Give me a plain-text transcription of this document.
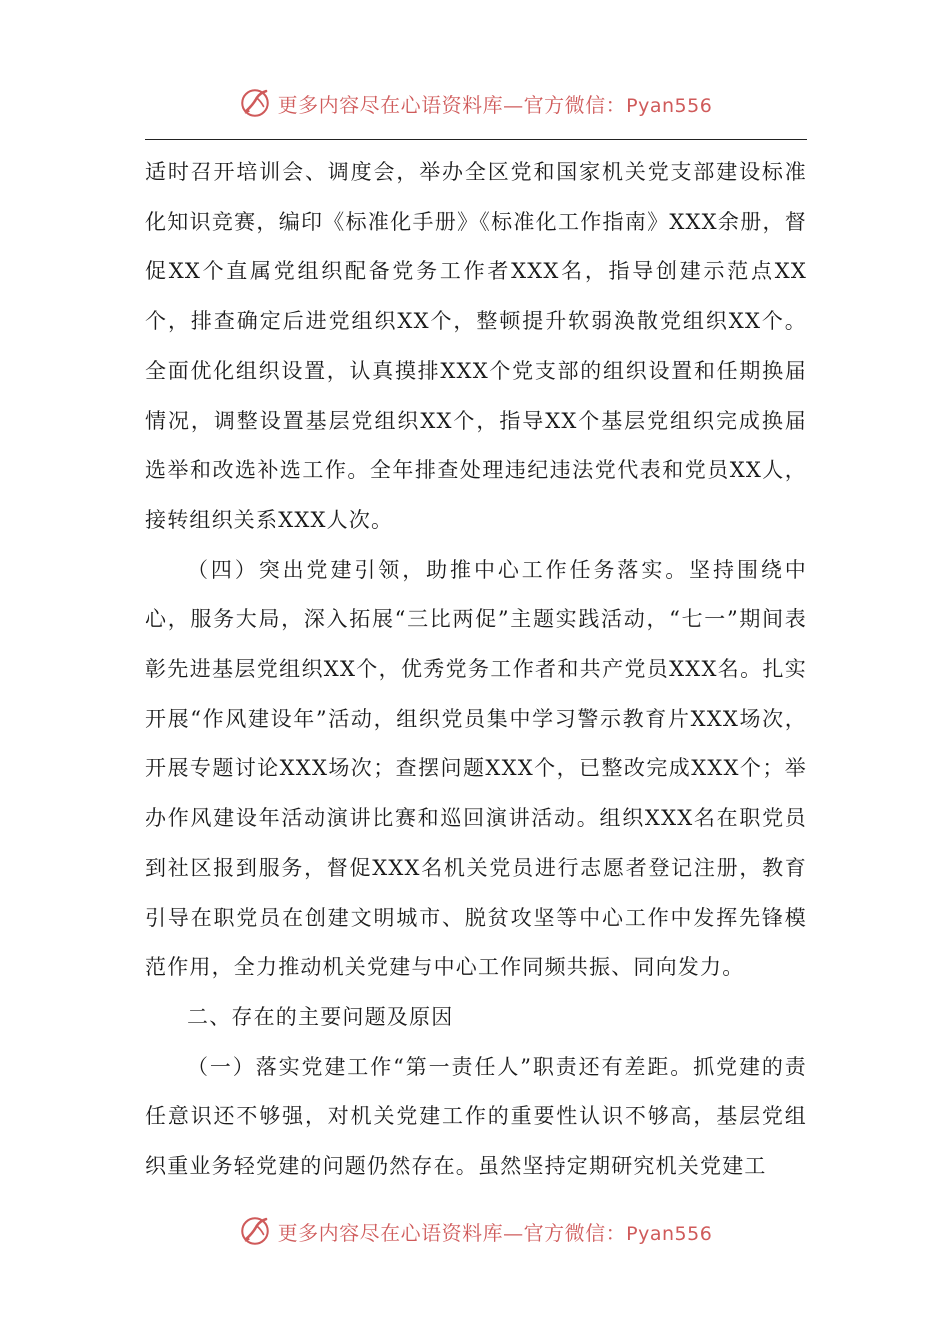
更多内容尽在心语资料库—官方微信：Pyan556

适时召开培训会、调度会，举办全区党和国家机关党支部建设标准化知识竞赛，编印《标准化手册》《标准化工作指南》XXX余册，督促XX个直属党组织配备党务工作者XXX名，指导创建示范点XX个，排查确定后进党组织XX个，整顿提升软弱涣散党组织XX个。全面优化组织设置，认真摸排XXX个党支部的组织设置和任期换届情况，调整设置基层党组织XX个，指导XX个基层党组织完成换届选举和改选补选工作。全年排查处理违纪违法党代表和党员XX人，接转组织关系XXX人次。

（四）突出党建引领，助推中心工作任务落实。坚持围绕中心，服务大局，深入拓展“三比两促”主题实践活动，“七一”期间表彰先进基层党组织XX个，优秀党务工作者和共产党员XXX名。扎实开展“作风建设年”活动，组织党员集中学习警示教育片XXX场次，开展专题讨论XXX场次；查摆问题XXX个，已整改完成XXX个；举办作风建设年活动演讲比赛和巡回演讲活动。组织XXX名在职党员到社区报到服务，督促XXX名机关党员进行志愿者登记注册，教育引导在职党员在创建文明城市、脱贫攻坚等中心工作中发挥先锋模范作用，全力推动机关党建与中心工作同频共振、同向发力。

二、存在的主要问题及原因

（一）落实党建工作“第一责任人”职责还有差距。抓党建的责任意识还不够强，对机关党建工作的重要性认识不够高，基层党组织重业务轻党建的问题仍然存在。虽然坚持定期研究机关党建工

更多内容尽在心语资料库—官方微信：Pyan556
